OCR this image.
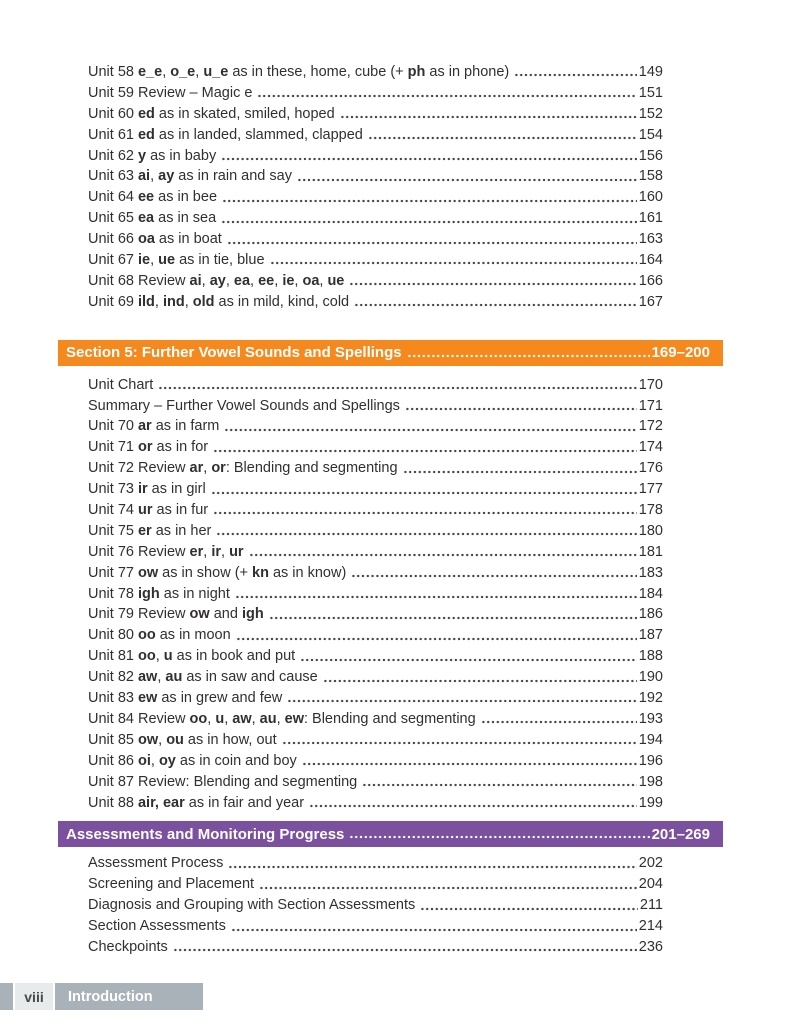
Unit 58 e_e, o_e, u_e as in these, home, cube (+ ph as in phone)	149
Unit 59 Review – Magic e	151
Unit 60 ed as in skated, smiled, hoped	152
Unit 61 ed as in landed, slammed, clapped	154
Unit 62 y as in baby	156
Unit 63 ai, ay as in rain and say	158
Unit 64 ee as in bee	160
Unit 65 ea as in sea	161
Unit 66 oa as in boat	163
Unit 67 ie, ue as in tie, blue	164
Unit 68 Review ai, ay, ea, ee, ie, oa, ue	166
Unit 69 ild, ind, old as in mild, kind, cold	167
Section 5: Further Vowel Sounds and Spellings	169–200
Unit Chart	170
Summary – Further Vowel Sounds and Spellings	171
Unit 70 ar as in farm	172
Unit 71 or as in for	174
Unit 72 Review ar, or: Blending and segmenting	176
Unit 73 ir as in girl	177
Unit 74 ur as in fur	178
Unit 75 er as in her	180
Unit 76 Review er, ir, ur	181
Unit 77 ow as in show (+ kn as in know)	183
Unit 78 igh as in night	184
Unit 79 Review ow and igh	186
Unit 80 oo as in moon	187
Unit 81 oo, u as in book and put	188
Unit 82 aw, au as in saw and cause	190
Unit 83 ew as in grew and few	192
Unit 84 Review oo, u, aw, au, ew: Blending and segmenting	193
Unit 85 ow, ou as in how, out	194
Unit 86 oi, oy as in coin and boy	196
Unit 87 Review: Blending and segmenting	198
Unit 88 air, ear as in fair and year	199
Assessments and Monitoring Progress	201–269
Assessment Process	202
Screening and Placement	204
Diagnosis and Grouping with Section Assessments	211
Section Assessments	214
Checkpoints	236
viii	Introduction
